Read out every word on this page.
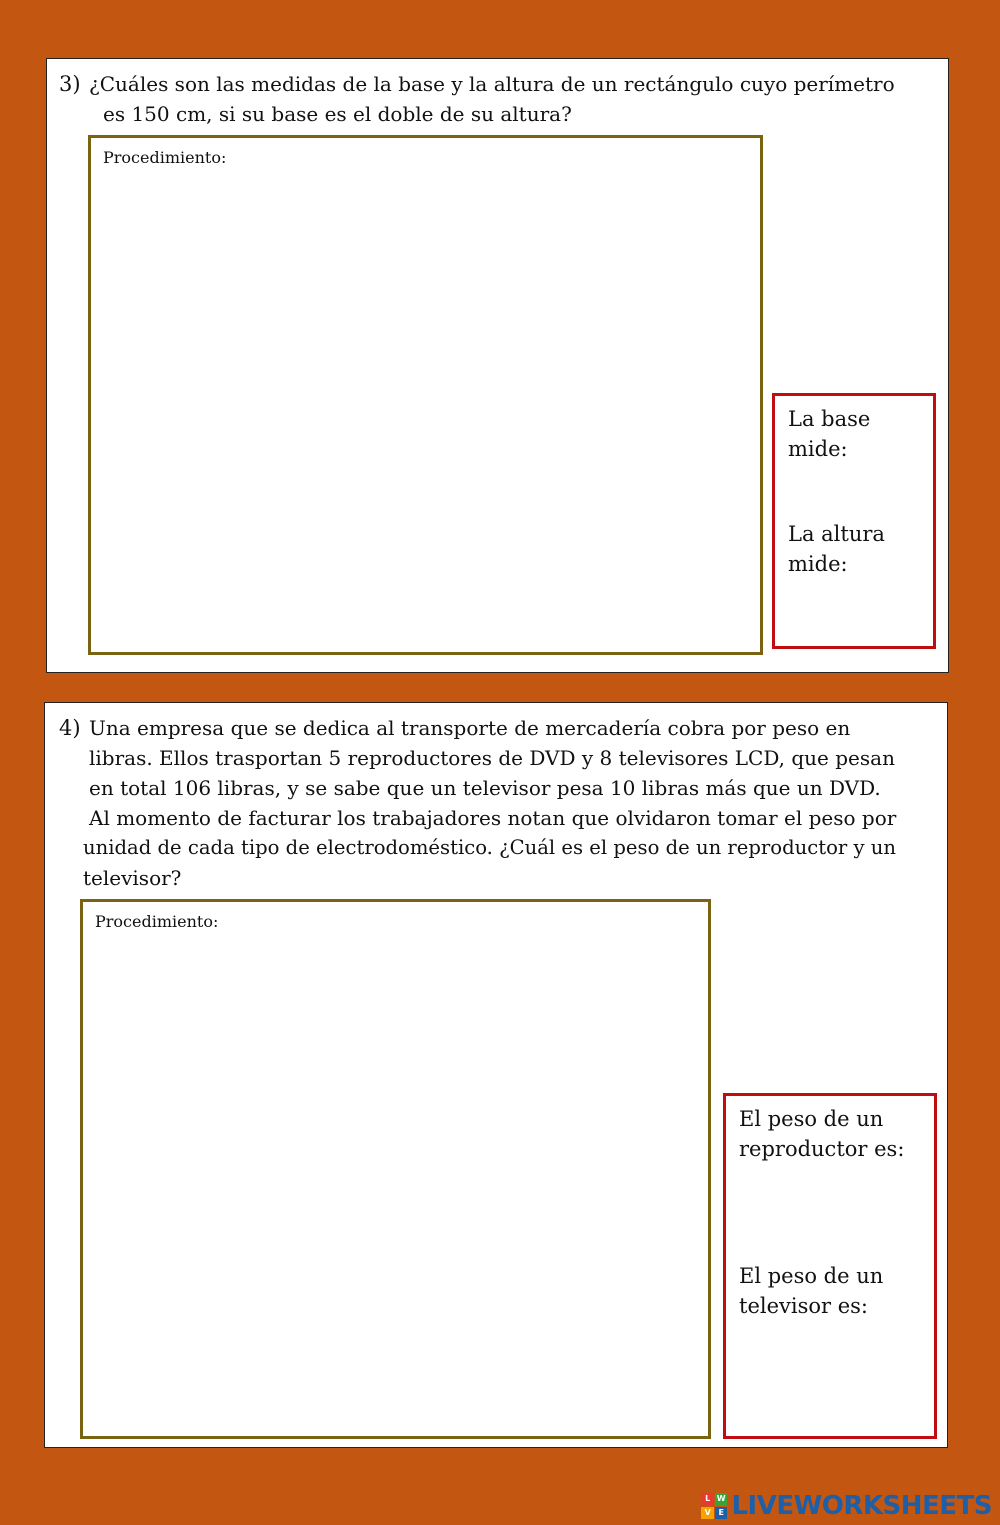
3) ¿Cuáles son las medidas de la base y la altura de un rectángulo cuyo perímetro
es 150 cm, si su base es el doble de su altura?
Procedimiento:
La base
mide:
La altura
mide:
4) Una empresa que se dedica al transporte de mercadería cobra por peso en
libras. Ellos trasportan 5 reproductores de DVD y 8 televisores LCD, que pesan
en total 106 libras, y se sabe que un televisor pesa 10 libras más que un DVD.
Al momento de facturar los trabajadores notan que olvidaron tomar el peso por
unidad de cada tipo de electrodoméstico. ¿Cuál es el peso de un reproductor y un
televisor?
Procedimiento:
El peso de un
reproductor es:
El peso de un
televisor es:
L W
V E LIVEWORKSHEETS
